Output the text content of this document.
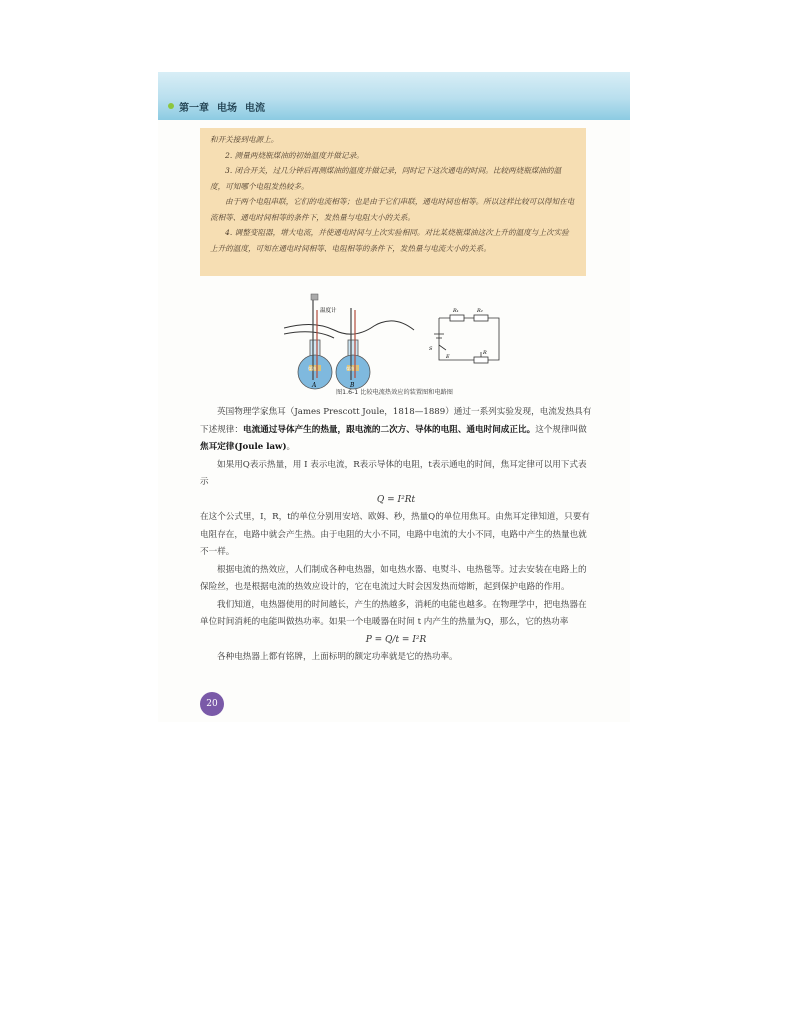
第一章 电场 电流

和开关接到电源上。

2. 测量两烧瓶煤油的初始温度并做记录。

3. 闭合开关，过几分钟后再测煤油的温度并做记录，同时记下这次通电的时间。比较两烧瓶煤油的温度，可知哪个电阻发热较多。

由于两个电阻串联，它们的电流相等；也是由于它们串联，通电时间也相等。所以这样比较可以得知在电流相等、通电时间相等的条件下，发热量与电阻大小的关系。

4. 调整变阻器，增大电流，并使通电时间与上次实验相同。对比某烧瓶煤油这次上升的温度与上次实验上升的温度，可知在通电时间相等、电阻相等的条件下，发热量与电流大小的关系。

温度计
A	B
煤油	煤油
R₁	R₂
S
E
R
图1.6-1 比较电流热效应的装置图和电路图

英国物理学家焦耳（James Prescott Joule，1818—1889）通过一系列实验发现，电流发热具有下述规律：电流通过导体产生的热量，跟电流的二次方、导体的电阻、通电时间成正比。这个规律叫做焦耳定律(Joule law)。

如果用Q表示热量，用 I 表示电流，R表示导体的电阻，t表示通电的时间，焦耳定律可以用下式表示

Q = I²Rt

在这个公式里，I，R，t的单位分别用安培、欧姆、秒，热量Q的单位用焦耳。由焦耳定律知道，只要有电阻存在，电路中就会产生热。由于电阻的大小不同，电路中电流的大小不同，电路中产生的热量也就不一样。

根据电流的热效应，人们制成各种电热器，如电热水器、电熨斗、电热毯等。过去安装在电路上的保险丝，也是根据电流的热效应设计的，它在电流过大时会因发热而熔断，起到保护电路的作用。

我们知道，电热器使用的时间越长，产生的热越多，消耗的电能也越多。在物理学中，把电热器在单位时间消耗的电能叫做热功率。如果一个电暖器在时间 t 内产生的热量为Q，那么，它的热功率

P = Q/t = I²R

各种电热器上都有铭牌，上面标明的额定功率就是它的热功率。

20
